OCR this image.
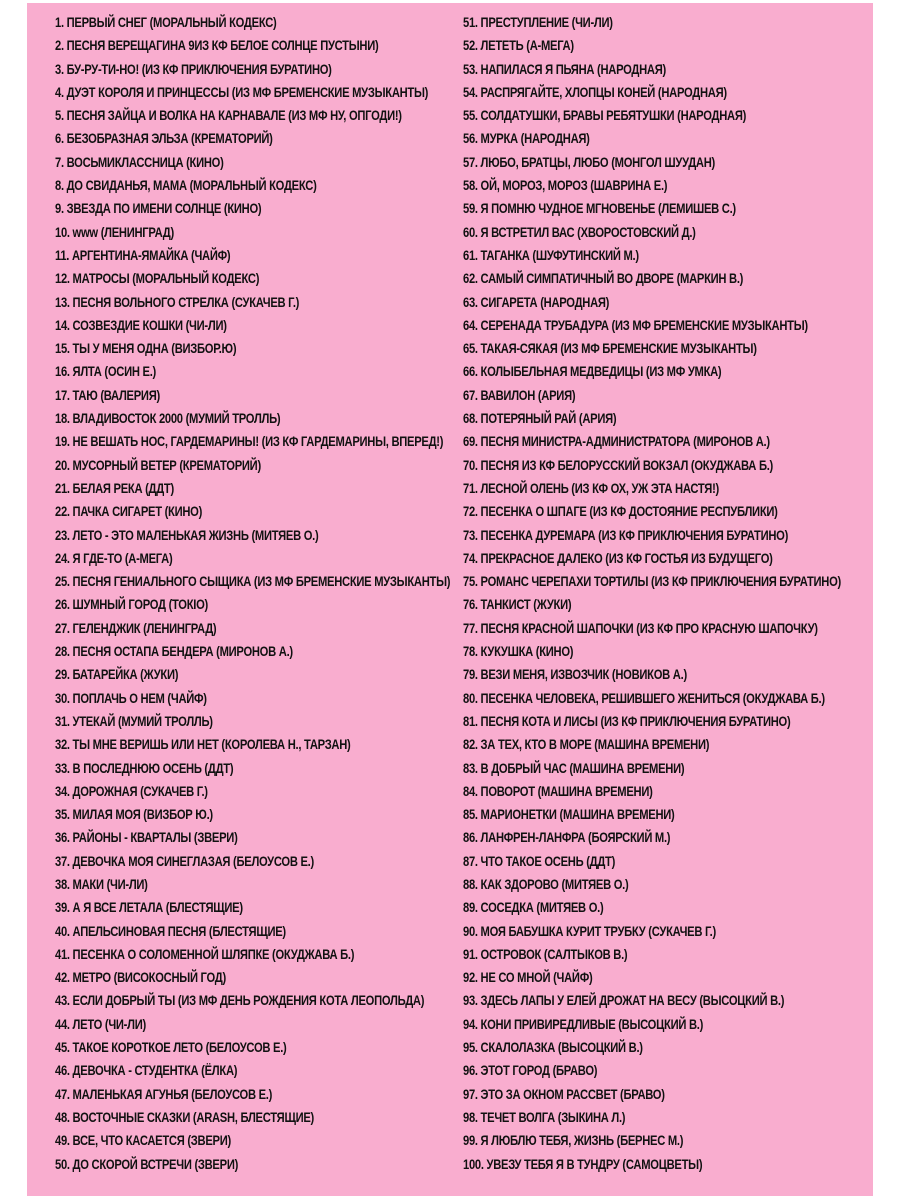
1. ПЕРВЫЙ СНЕГ (МОРАЛЬНЫЙ КОДЕКС)
2. ПЕСНЯ ВЕРЕЩАГИНА 9ИЗ КФ БЕЛОЕ СОЛНЦЕ ПУСТЫНИ)
3. БУ-РУ-ТИ-НО! (ИЗ КФ ПРИКЛЮЧЕНИЯ БУРАТИНО)
4. ДУЭТ КОРОЛЯ И ПРИНЦЕССЫ (ИЗ МФ БРЕМЕНСКИЕ МУЗЫКАНТЫ)
5. ПЕСНЯ ЗАЙЦА И ВОЛКА НА КАРНАВАЛЕ (ИЗ МФ НУ, ОПГОДИ!)
6. БЕЗОБРАЗНАЯ ЭЛЬЗА (КРЕМАТОРИЙ)
7. ВОСЬМИКЛАССНИЦА (КИНО)
8. ДО СВИДАНЬЯ, МАМА (МОРАЛЬНЫЙ КОДЕКС)
9. ЗВЕЗДА ПО ИМЕНИ СОЛНЦЕ (КИНО)
10. www (ЛЕНИНГРАД)
11. АРГЕНТИНА-ЯМАЙКА (ЧАЙФ)
12. МАТРОСЫ (МОРАЛЬНЫЙ КОДЕКС)
13. ПЕСНЯ ВОЛЬНОГО СТРЕЛКА (СУКАЧЕВ Г.)
14. СОЗВЕЗДИЕ КОШКИ (ЧИ-ЛИ)
15. ТЫ У МЕНЯ ОДНА (ВИЗБОР.Ю)
16. ЯЛТА (ОСИН Е.)
17. ТАЮ (ВАЛЕРИЯ)
18. ВЛАДИВОСТОК 2000 (МУМИЙ ТРОЛЛЬ)
19. НЕ ВЕШАТЬ НОС, ГАРДЕМАРИНЫ! (ИЗ КФ ГАРДЕМАРИНЫ, ВПЕРЕД!)
20. МУСОРНЫЙ ВЕТЕР (КРЕМАТОРИЙ)
21. БЕЛАЯ РЕКА (ДДТ)
22. ПАЧКА СИГАРЕТ (КИНО)
23. ЛЕТО - ЭТО МАЛЕНЬКАЯ ЖИЗНЬ (МИТЯЕВ О.)
24. Я ГДЕ-ТО (А-МЕГА)
25. ПЕСНЯ ГЕНИАЛЬНОГО СЫЩИКА (ИЗ МФ БРЕМЕНСКИЕ МУЗЫКАНТЫ)
26. ШУМНЫЙ ГОРОД (ТОКIO)
27. ГЕЛЕНДЖИК (ЛЕНИНГРАД)
28. ПЕСНЯ ОСТАПА БЕНДЕРА (МИРОНОВ А.)
29. БАТАРЕЙКА (ЖУКИ)
30. ПОПЛАЧЬ О НЕМ (ЧАЙФ)
31. УТЕКАЙ (МУМИЙ ТРОЛЛЬ)
32. ТЫ МНЕ ВЕРИШЬ ИЛИ НЕТ (КОРОЛЕВА Н., ТАРЗАН)
33. В ПОСЛЕДНЮЮ ОСЕНЬ (ДДТ)
34. ДОРОЖНАЯ (СУКАЧЕВ Г.)
35. МИЛАЯ МОЯ (ВИЗБОР Ю.)
36. РАЙОНЫ - КВАРТАЛЫ (ЗВЕРИ)
37. ДЕВОЧКА МОЯ СИНЕГЛАЗАЯ (БЕЛОУСОВ Е.)
38. МАКИ (ЧИ-ЛИ)
39. А Я ВСЕ ЛЕТАЛА (БЛЕСТЯЩИЕ)
40. АПЕЛЬСИНОВАЯ ПЕСНЯ (БЛЕСТЯЩИЕ)
41. ПЕСЕНКА О СОЛОМЕННОЙ ШЛЯПКЕ (ОКУДЖАВА Б.)
42. МЕТРО (ВИСОКОСНЫЙ ГОД)
43. ЕСЛИ ДОБРЫЙ ТЫ (ИЗ МФ ДЕНЬ РОЖДЕНИЯ КОТА ЛЕОПОЛЬДА)
44. ЛЕТО (ЧИ-ЛИ)
45. ТАКОЕ КОРОТКОЕ ЛЕТО (БЕЛОУСОВ Е.)
46. ДЕВОЧКА - СТУДЕНТКА (ЁЛКА)
47. МАЛЕНЬКАЯ АГУНЬЯ (БЕЛОУСОВ Е.)
48. ВОСТОЧНЫЕ СКАЗКИ (ARASH, БЛЕСТЯЩИЕ)
49. ВСЕ, ЧТО КАСАЕТСЯ (ЗВЕРИ)
50. ДО СКОРОЙ ВСТРЕЧИ (ЗВЕРИ)
51. ПРЕСТУПЛЕНИЕ (ЧИ-ЛИ)
52. ЛЕТЕТЬ (А-МЕГА)
53. НАПИЛАСЯ Я ПЬЯНА (НАРОДНАЯ)
54. РАСПРЯГАЙТЕ, ХЛОПЦЫ КОНЕЙ (НАРОДНАЯ)
55. СОЛДАТУШКИ, БРАВЫ РЕБЯТУШКИ (НАРОДНАЯ)
56. МУРКА (НАРОДНАЯ)
57. ЛЮБО, БРАТЦЫ, ЛЮБО (МОНГОЛ ШУУДАН)
58. ОЙ, МОРОЗ, МОРОЗ (ШАВРИНА Е.)
59. Я ПОМНЮ ЧУДНОЕ МГНОВЕНЬЕ (ЛЕМИШЕВ С.)
60. Я ВСТРЕТИЛ ВАС (ХВОРОСТОВСКИЙ Д.)
61. ТАГАНКА (ШУФУТИНСКИЙ М.)
62. САМЫЙ СИМПАТИЧНЫЙ ВО ДВОРЕ (МАРКИН В.)
63. СИГАРЕТА (НАРОДНАЯ)
64. СЕРЕНАДА ТРУБАДУРА (ИЗ МФ БРЕМЕНСКИЕ МУЗЫКАНТЫ)
65. ТАКАЯ-СЯКАЯ (ИЗ МФ БРЕМЕНСКИЕ МУЗЫКАНТЫ)
66. КОЛЫБЕЛЬНАЯ МЕДВЕДИЦЫ (ИЗ МФ УМКА)
67. ВАВИЛОН (АРИЯ)
68. ПОТЕРЯНЫЙ РАЙ (АРИЯ)
69. ПЕСНЯ МИНИСТРА-АДМИНИСТРАТОРА (МИРОНОВ А.)
70. ПЕСНЯ ИЗ КФ БЕЛОРУССКИЙ ВОКЗАЛ (ОКУДЖАВА Б.)
71. ЛЕСНОЙ ОЛЕНЬ (ИЗ КФ ОХ, УЖ ЭТА НАСТЯ!)
72. ПЕСЕНКА О ШПАГЕ (ИЗ КФ ДОСТОЯНИЕ РЕСПУБЛИКИ)
73. ПЕСЕНКА ДУРЕМАРА (ИЗ КФ ПРИКЛЮЧЕНИЯ БУРАТИНО)
74. ПРЕКРАСНОЕ ДАЛЕКО (ИЗ КФ ГОСТЬЯ ИЗ БУДУЩЕГО)
75. РОМАНС ЧЕРЕПАХИ ТОРТИЛЫ (ИЗ КФ ПРИКЛЮЧЕНИЯ БУРАТИНО)
76. ТАНКИСТ (ЖУКИ)
77. ПЕСНЯ КРАСНОЙ ШАПОЧКИ (ИЗ КФ ПРО КРАСНУЮ ШАПОЧКУ)
78. КУКУШКА (КИНО)
79. ВЕЗИ МЕНЯ, ИЗВОЗЧИК (НОВИКОВ А.)
80. ПЕСЕНКА ЧЕЛОВЕКА, РЕШИВШЕГО ЖЕНИТЬСЯ (ОКУДЖАВА Б.)
81. ПЕСНЯ КОТА И ЛИСЫ (ИЗ КФ ПРИКЛЮЧЕНИЯ БУРАТИНО)
82. ЗА ТЕХ, КТО В МОРЕ (МАШИНА ВРЕМЕНИ)
83. В ДОБРЫЙ ЧАС (МАШИНА ВРЕМЕНИ)
84. ПОВОРОТ (МАШИНА ВРЕМЕНИ)
85. МАРИОНЕТКИ (МАШИНА ВРЕМЕНИ)
86. ЛАНФРЕН-ЛАНФРА (БОЯРСКИЙ М.)
87. ЧТО ТАКОЕ ОСЕНЬ (ДДТ)
88. КАК ЗДОРОВО (МИТЯЕВ О.)
89. СОСЕДКА (МИТЯЕВ О.)
90. МОЯ БАБУШКА КУРИТ ТРУБКУ (СУКАЧЕВ Г.)
91. ОСТРОВОК (САЛТЫКОВ В.)
92. НЕ СО МНОЙ (ЧАЙФ)
93. ЗДЕСЬ ЛАПЫ У ЕЛЕЙ ДРОЖАТ НА ВЕСУ (ВЫСОЦКИЙ В.)
94. КОНИ ПРИВИРЕДЛИВЫЕ (ВЫСОЦКИЙ В.)
95. СКАЛОЛАЗКА (ВЫСОЦКИЙ В.)
96. ЭТОТ ГОРОД (БРАВО)
97. ЭТО ЗА ОКНОМ РАССВЕТ (БРАВО)
98. ТЕЧЕТ ВОЛГА (ЗЫКИНА Л.)
99. Я ЛЮБЛЮ ТЕБЯ, ЖИЗНЬ (БЕРНЕС М.)
100. УВЕЗУ ТЕБЯ Я В ТУНДРУ (САМОЦВЕТЫ)
